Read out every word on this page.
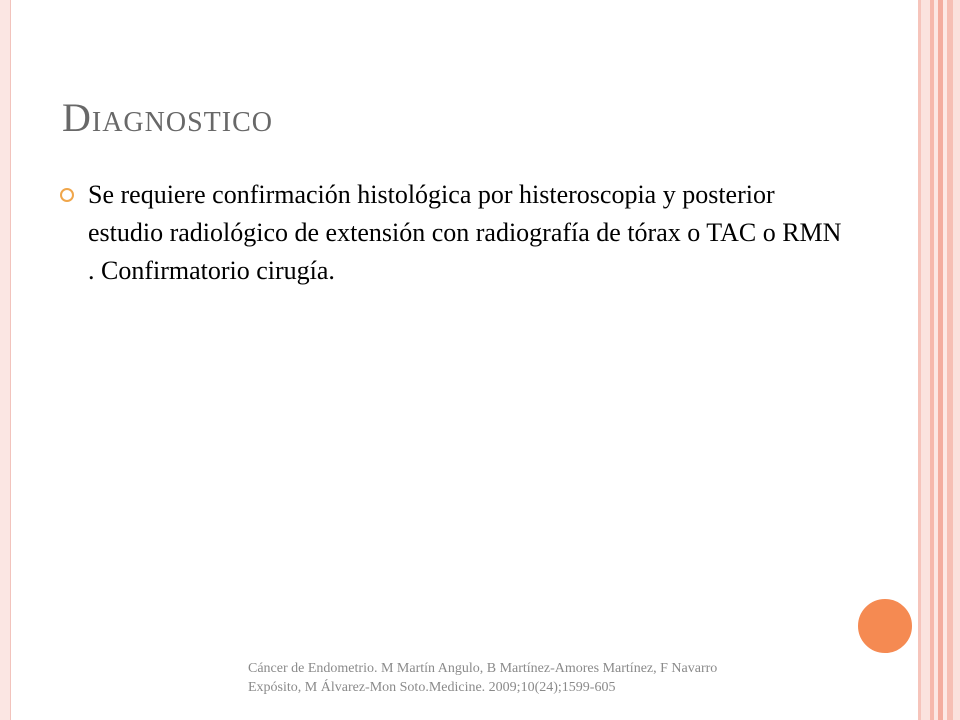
Diagnostico
Se requiere confirmación histológica por histeroscopia y posterior estudio radiológico de extensión con radiografía de tórax o TAC o RMN . Confirmatorio cirugía.
Cáncer de Endometrio. M Martín Angulo, B Martínez-Amores Martínez, F Navarro Expósito, M Álvarez-Mon Soto.Medicine. 2009;10(24);1599-605
